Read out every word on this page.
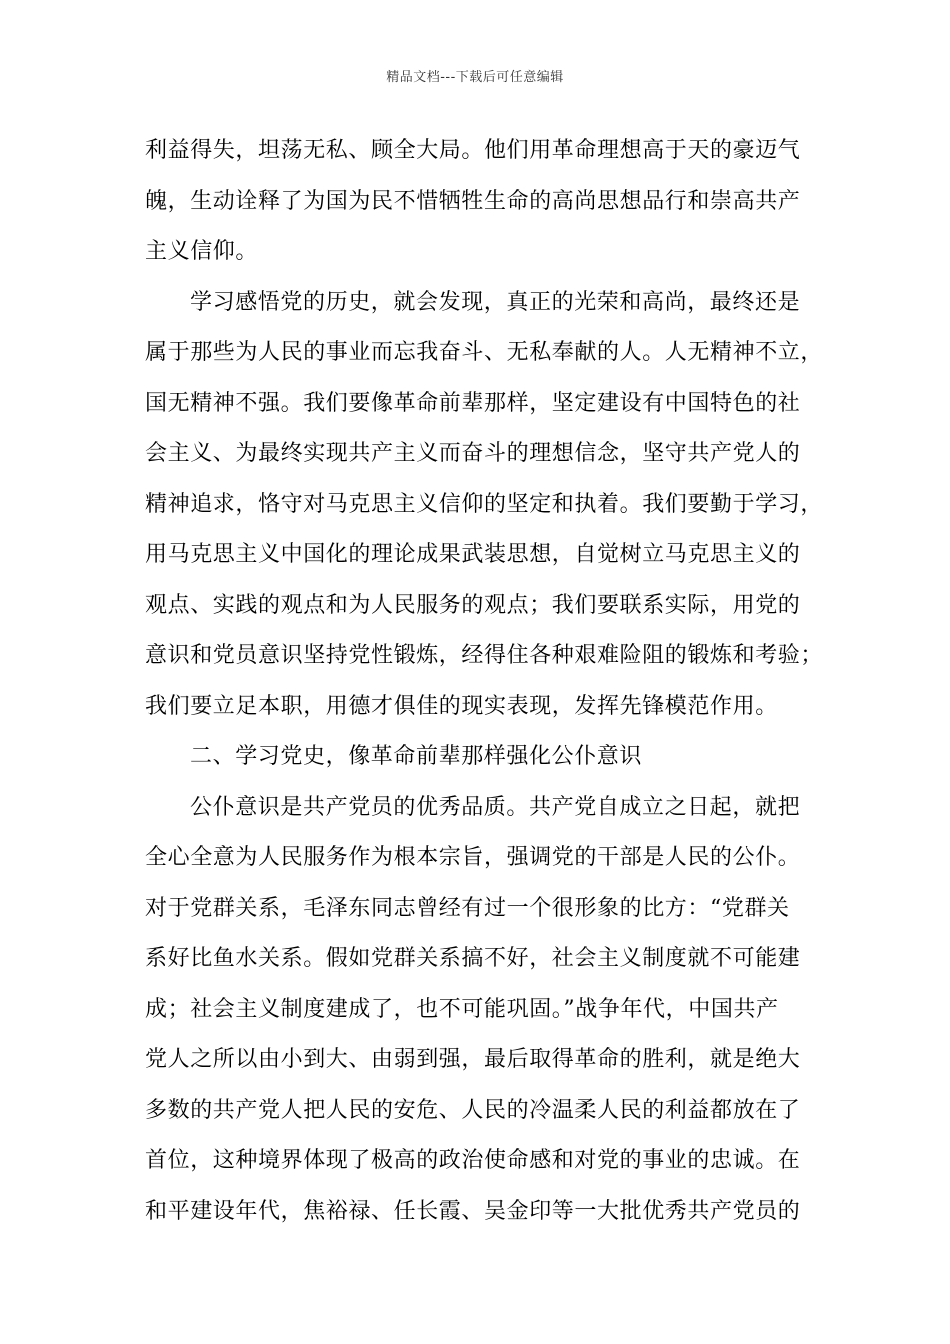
精品文档---下载后可任意编辑
利益得失，坦荡无私、顾全大局。他们用革命理想高于天的豪迈气
魄，生动诠释了为国为民不惜牺牲生命的高尚思想品行和崇高共产
主义信仰。
学习感悟党的历史，就会发现，真正的光荣和高尚，最终还是
属于那些为人民的事业而忘我奋斗、无私奉献的人。人无精神不立，
国无精神不强。我们要像革命前辈那样，坚定建设有中国特色的社
会主义、为最终实现共产主义而奋斗的理想信念，坚守共产党人的
精神追求，恪守对马克思主义信仰的坚定和执着。我们要勤于学习，
用马克思主义中国化的理论成果武装思想，自觉树立马克思主义的
观点、实践的观点和为人民服务的观点；我们要联系实际，用党的
意识和党员意识坚持党性锻炼，经得住各种艰难险阻的锻炼和考验；
我们要立足本职，用德才俱佳的现实表现，发挥先锋模范作用。
二、学习党史，像革命前辈那样强化公仆意识
公仆意识是共产党员的优秀品质。共产党自成立之日起，就把
全心全意为人民服务作为根本宗旨，强调党的干部是人民的公仆。
对于党群关系，毛泽东同志曾经有过一个很形象的比方：“党群关
系好比鱼水关系。假如党群关系搞不好，社会主义制度就不可能建
成；社会主义制度建成了，也不可能巩固。”战争年代，中国共产
党人之所以由小到大、由弱到强，最后取得革命的胜利，就是绝大
多数的共产党人把人民的安危、人民的冷温柔人民的利益都放在了
首位，这种境界体现了极高的政治使命感和对党的事业的忠诚。在
和平建设年代，焦裕禄、任长霞、吴金印等一大批优秀共产党员的
